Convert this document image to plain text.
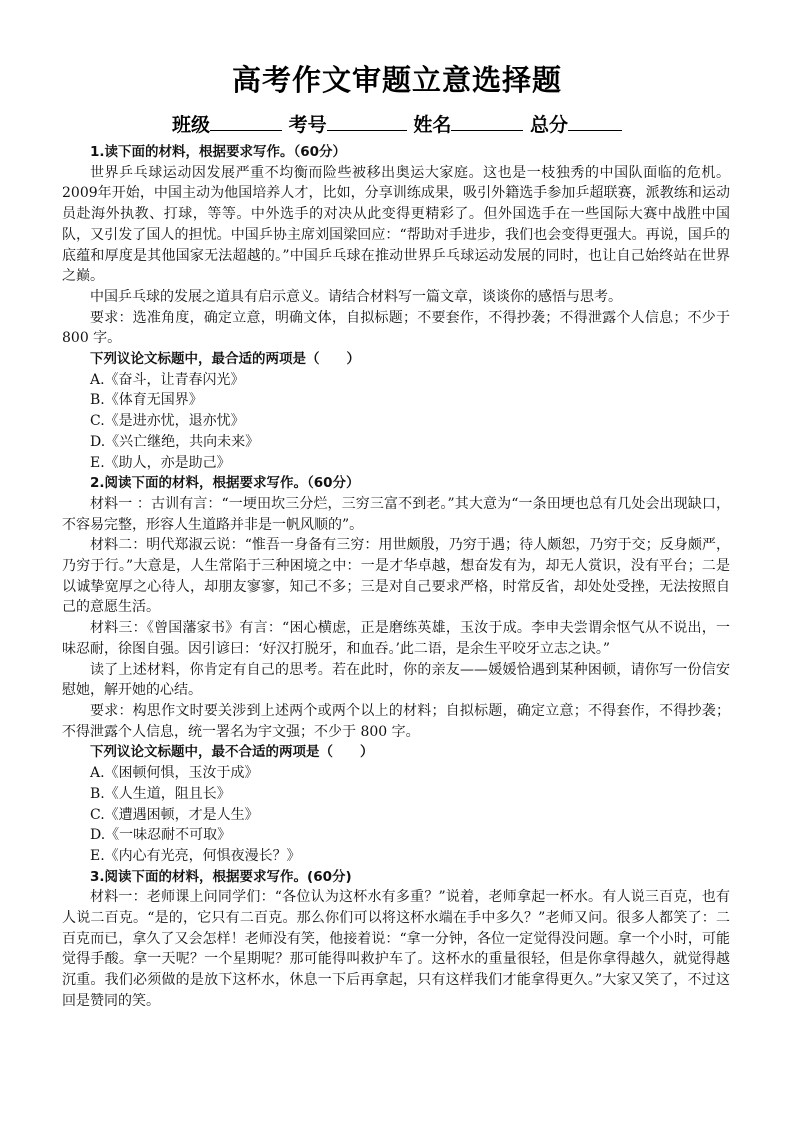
高考作文审题立意选择题
班级	考号	姓名	总分

1.读下面的材料，根据要求写作。（60分）

世界乒乓球运动因发展严重不均衡而险些被移出奥运大家庭。这也是一枝独秀的中国队面临的危机。2009年开始，中国主动为他国培养人才，比如，分享训练成果，吸引外籍选手参加乒超联赛，派教练和运动员赴海外执教、打球，等等。中外选手的对决从此变得更精彩了。但外国选手在一些国际大赛中战胜中国队，又引发了国人的担忧。中国乒协主席刘国梁回应：“帮助对手进步，我们也会变得更强大。再说，国乒的底蕴和厚度是其他国家无法超越的。”中国乒乓球在推动世界乒乓球运动发展的同时，也让自己始终站在世界之巅。

中国乒乓球的发展之道具有启示意义。请结合材料写一篇文章，谈谈你的感悟与思考。

要求：选准角度，确定立意，明确文体，自拟标题；不要套作，不得抄袭；不得泄露个人信息；不少于 800 字。

下列议论文标题中，最合适的两项是（　　）

A.《奋斗，让青春闪光》

B.《体育无国界》

C.《是进亦忧，退亦忧》

D.《兴亡继绝，共向未来》

E.《助人，亦是助己》

2.阅读下面的材料，根据要求写作。（60分）

材料一 ：古训有言：“一埂田坎三分烂，三穷三富不到老。”其大意为“一条田埂也总有几处会出现缺口，不容易完整，形容人生道路并非是一帆风顺的”。

材料二：明代郑淑云说：“惟吾一身备有三穷：用世颇殷，乃穷于遇；待人颇恕，乃穷于交；反身颇严，乃穷于行。”大意是，人生常陷于三种困境之中：一是才华卓越，想奋发有为，却无人赏识，没有平台；二是以诚挚宽厚之心待人，却朋友寥寥，知己不多；三是对自己要求严格，时常反省，却处处受挫，无法按照自己的意愿生活。

材料三：《曾国藩家书》有言：“困心横虑，正是磨练英雄，玉汝于成。李申夫尝谓余怄气从不说出，一味忍耐，徐图自强。因引谚曰：‘好汉打脱牙，和血吞。’此二语，是余生平咬牙立志之诀。”

读了上述材料，你肯定有自己的思考。若在此时，你的亲友——媛媛恰遇到某种困顿，请你写一份信安慰她，解开她的心结。

要求：构思作文时要关涉到上述两个或两个以上的材料；自拟标题，确定立意；不得套作，不得抄袭；不得泄露个人信息，统一署名为宇文强；不少于 800 字。

下列议论文标题中，最不合适的两项是（　　）

A.《困顿何惧，玉汝于成》

B.《人生道，阻且长》

C.《遭遇困顿，才是人生》

D.《一味忍耐不可取》

E.《内心有光亮，何惧夜漫长？》

3.阅读下面的材料，根据要求写作。(60分)

材料一：老师课上问同学们：“各位认为这杯水有多重？”说着，老师拿起一杯水。有人说三百克，也有人说二百克。“是的，它只有二百克。那么你们可以将这杯水端在手中多久？”老师又问。很多人都笑了：二百克而已，拿久了又会怎样！老师没有笑，他接着说：“拿一分钟，各位一定觉得没问题。拿一个小时，可能觉得手酸。拿一天呢？一个星期呢？那可能得叫救护车了。这杯水的重量很轻，但是你拿得越久，就觉得越沉重。我们必须做的是放下这杯水，休息一下后再拿起，只有这样我们才能拿得更久。”大家又笑了，不过这回是赞同的笑。
